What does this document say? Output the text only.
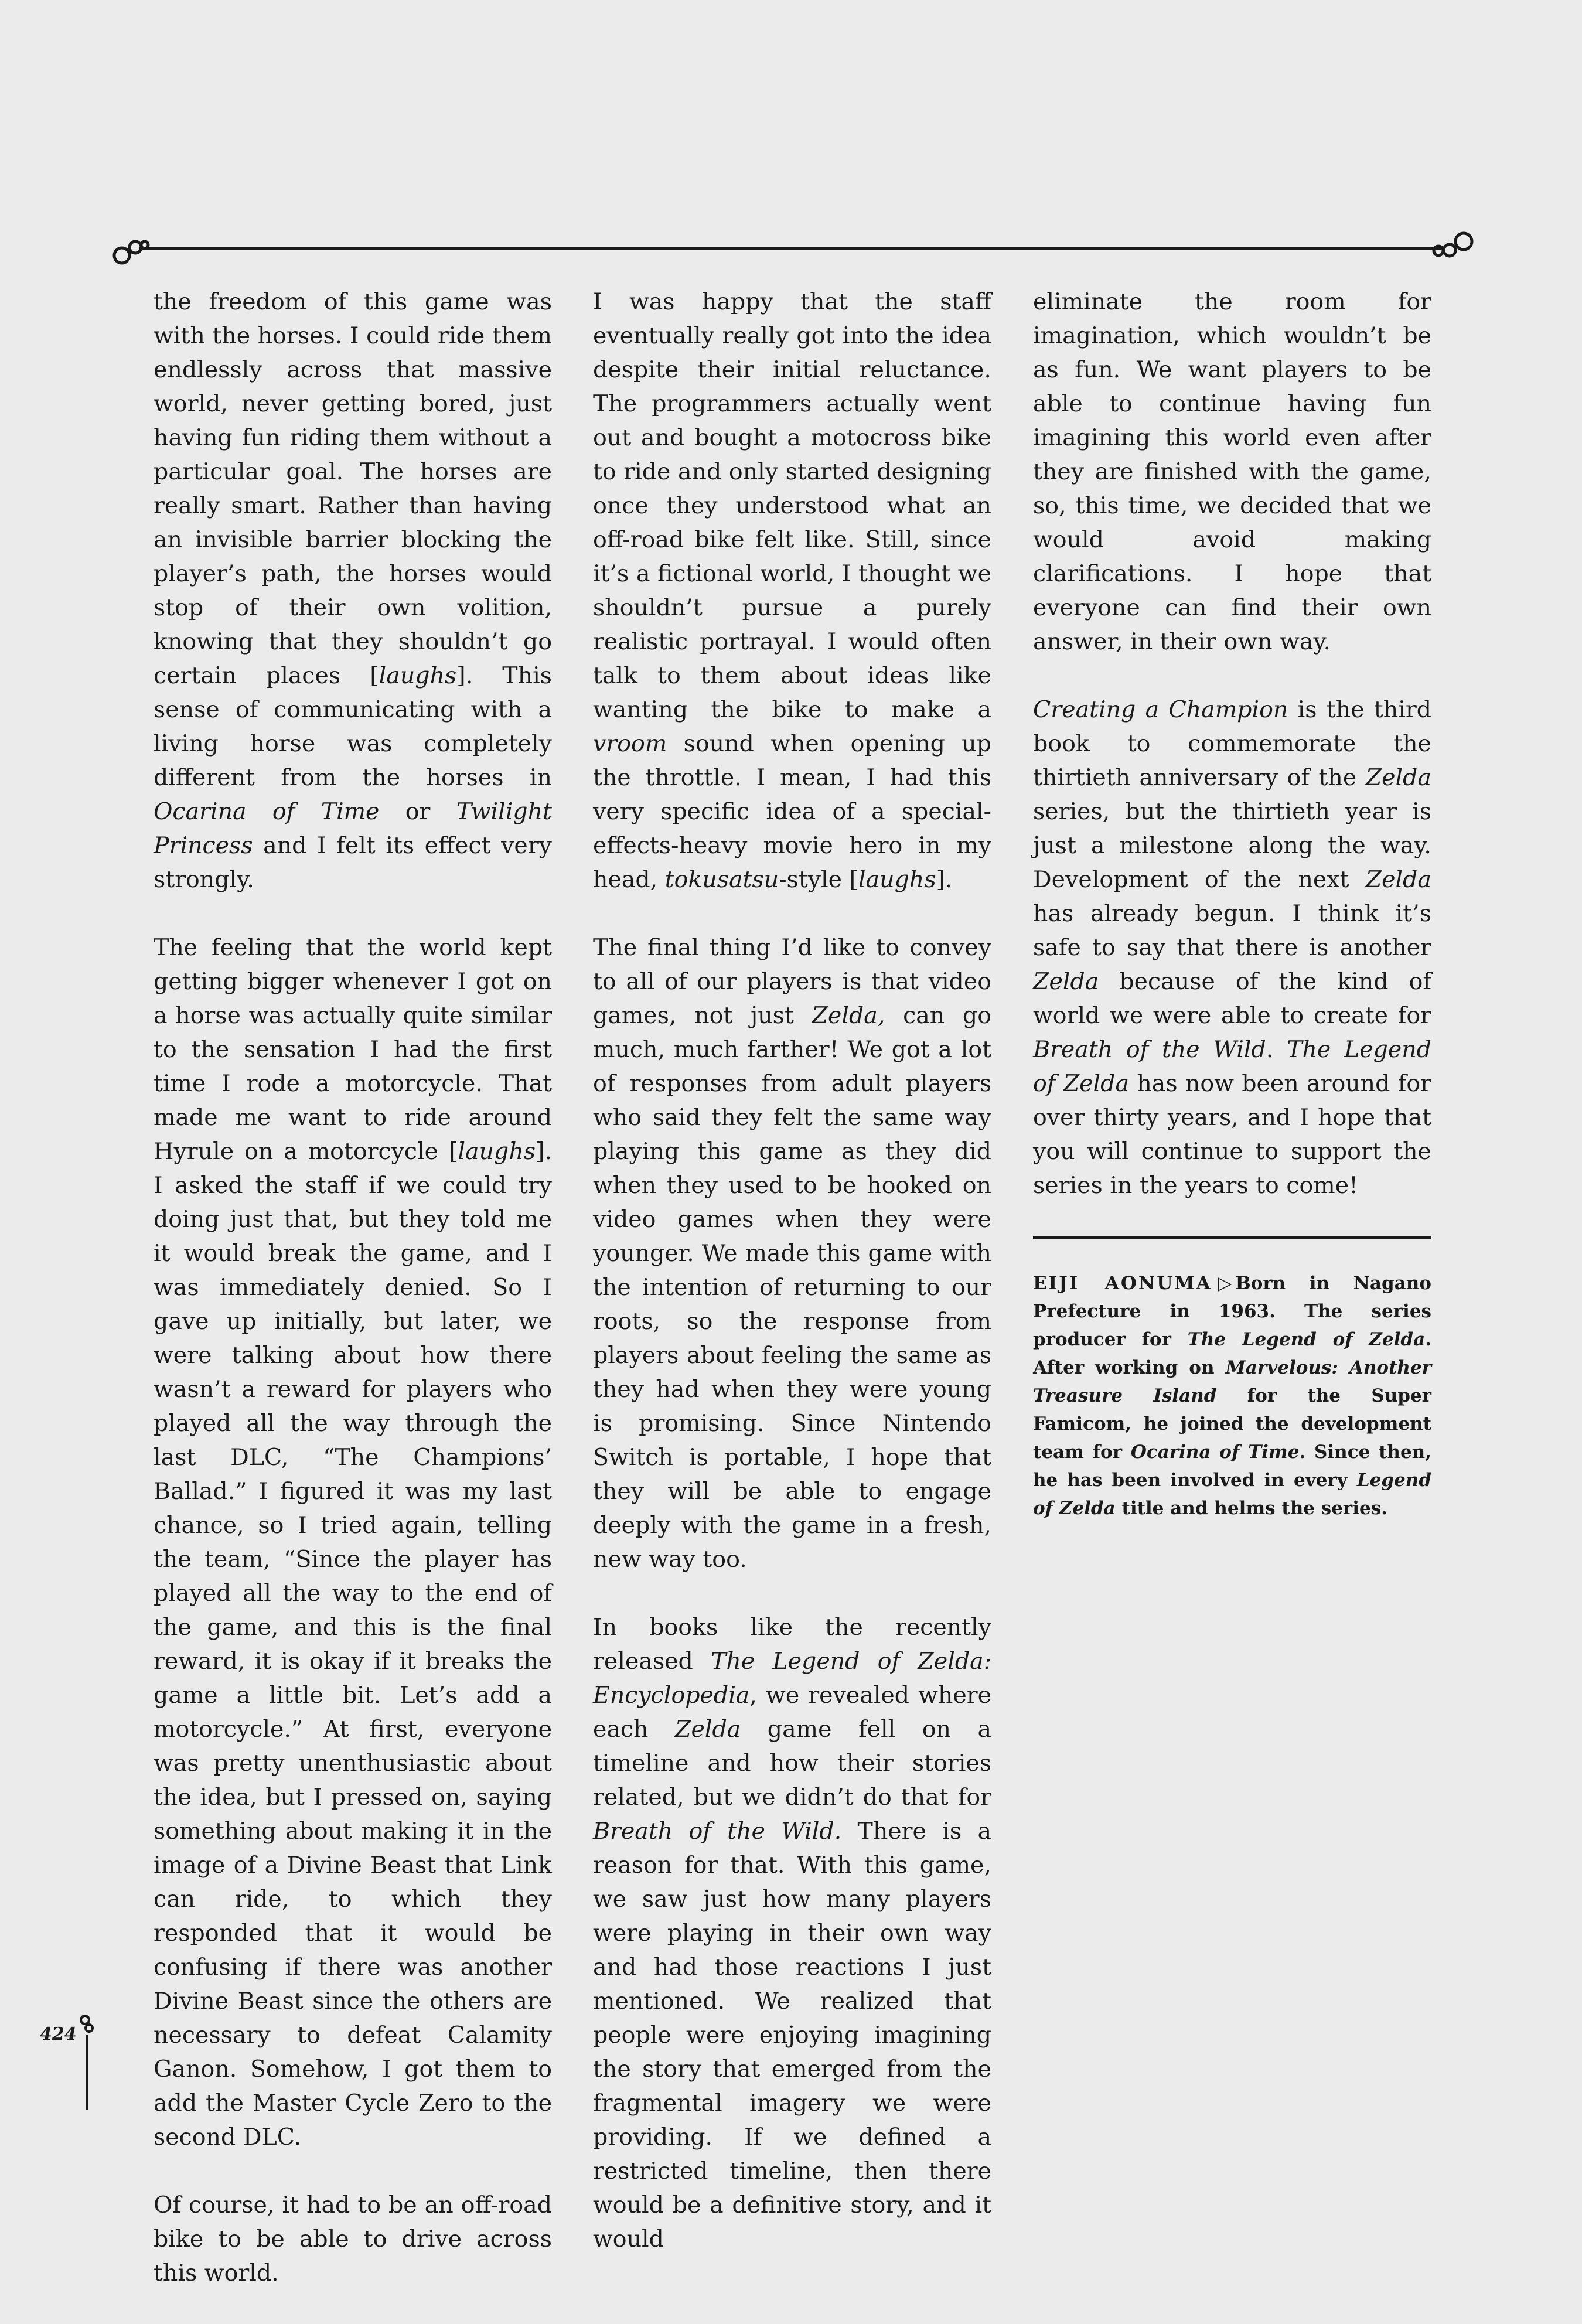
the freedom of this game was with the horses. I could ride them endlessly across that massive world, never getting bored, just having fun riding them without a particular goal. The horses are really smart. Rather than having an invisible barrier blocking the player’s path, the horses would stop of their own volition, knowing that they shouldn’t go certain places [laughs]. This sense of communicating with a living horse was completely different from the horses in Ocarina of Time or Twilight Princess and I felt its effect very strongly.

The feeling that the world kept getting bigger whenever I got on a horse was actually quite similar to the sensation I had the first time I rode a motorcycle. That made me want to ride around Hyrule on a motorcycle [laughs]. I asked the staff if we could try doing just that, but they told me it would break the game, and I was immediately denied. So I gave up initially, but later, we were talking about how there wasn’t a reward for players who played all the way through the last DLC, “The Champions’ Ballad.” I figured it was my last chance, so I tried again, telling the team, “Since the player has played all the way to the end of the game, and this is the final reward, it is okay if it breaks the game a little bit. Let’s add a motorcycle.” At first, everyone was pretty unenthusiastic about the idea, but I pressed on, saying something about making it in the image of a Divine Beast that Link can ride, to which they responded that it would be confusing if there was another Divine Beast since the others are necessary to defeat Calamity Ganon. Somehow, I got them to add the Master Cycle Zero to the second DLC.

Of course, it had to be an off-road bike to be able to drive across this world.

I was happy that the staff eventually really got into the idea despite their initial reluctance. The programmers actually went out and bought a motocross bike to ride and only started designing once they understood what an off-road bike felt like. Still, since it’s a fictional world, I thought we shouldn’t pursue a purely realistic portrayal. I would often talk to them about ideas like wanting the bike to make a vroom sound when opening up the throttle. I mean, I had this very specific idea of a special-effects-heavy movie hero in my head, tokusatsu-style [laughs].

The final thing I’d like to convey to all of our players is that video games, not just Zelda, can go much, much farther! We got a lot of responses from adult players who said they felt the same way playing this game as they did when they used to be hooked on video games when they were younger. We made this game with the intention of returning to our roots, so the response from players about feeling the same as they had when they were young is promising. Since Nintendo Switch is portable, I hope that they will be able to engage deeply with the game in a fresh, new way too.

In books like the recently released The Legend of Zelda: Encyclopedia, we revealed where each Zelda game fell on a timeline and how their stories related, but we didn’t do that for Breath of the Wild. There is a reason for that. With this game, we saw just how many players were playing in their own way and had those reactions I just mentioned. We realized that people were enjoying imagining the story that emerged from the fragmental imagery we were providing. If we defined a restricted timeline, then there would be a definitive story, and it would

eliminate the room for imagination, which wouldn’t be as fun. We want players to be able to continue having fun imagining this world even after they are finished with the game, so, this time, we decided that we would avoid making clarifications. I hope that everyone can find their own answer, in their own way.

Creating a Champion is the third book to commemorate the thirtieth anniversary of the Zelda series, but the thirtieth year is just a milestone along the way. Development of the next Zelda has already begun. I think it’s safe to say that there is another Zelda because of the kind of world we were able to create for Breath of the Wild. The Legend of Zelda has now been around for over thirty years, and I hope that you will continue to support the series in the years to come!

EIJI AONUMA ▷ Born in Nagano Prefecture in 1963. The series producer for The Legend of Zelda. After working on Marvelous: Another Treasure Island for the Super Famicom, he joined the development team for Ocarina of Time. Since then, he has been involved in every Legend of Zelda title and helms the series.

424
